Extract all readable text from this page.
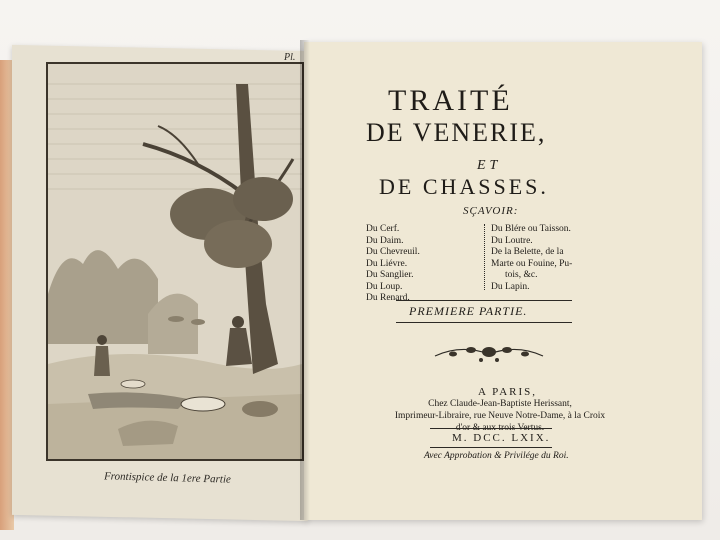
Pl.
Frontispice de la 1ere Partie
TRAITÉ
DE VENERIE,
ET
DE CHASSES.
SÇAVOIR:
Du Cerf.
Du Daim.
Du Chevreuil.
Du Liévre.
Du Sanglier.
Du Loup.
Du Renard.
Du Blére ou Taisson.
Du Loutre.
De la Belette, de la
Marte ou Fouine, Pu-
tois, &c.
Du Lapin.
PREMIERE PARTIE.
A PARIS,
Chez Claude-Jean-Baptiste Herissant,
Imprimeur-Libraire, rue Neuve Notre-Dame, à la Croix
d'or & aux trois Vertus.
M. DCC. LXIX.
Avec Approbation & Privilége du Roi.
